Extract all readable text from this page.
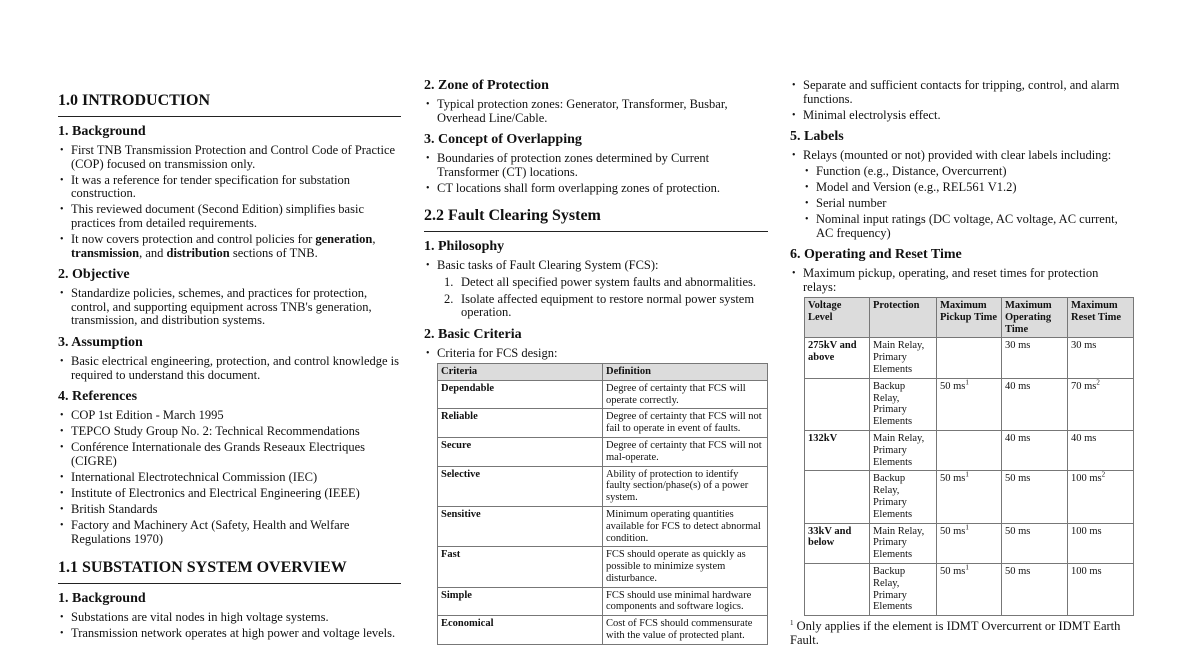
1.0 INTRODUCTION
1. Background
• First TNB Transmission Protection and Control Code of Practice (COP) focused on transmission only.
• It was a reference for tender specification for substation construction.
• This reviewed document (Second Edition) simplifies basic practices from detailed requirements.
• It now covers protection and control policies for generation, transmission, and distribution sections of TNB.
2. Objective
• Standardize policies, schemes, and practices for protection, control, and supporting equipment across TNB's generation, transmission, and distribution systems.
3. Assumption
• Basic electrical engineering, protection, and control knowledge is required to understand this document.
4. References
• COP 1st Edition - March 1995
• TEPCO Study Group No. 2: Technical Recommendations
• Conférence Internationale des Grands Reseaux Electriques (CIGRE)
• International Electrotechnical Commission (IEC)
• Institute of Electronics and Electrical Engineering (IEEE)
• British Standards
• Factory and Machinery Act (Safety, Health and Welfare Regulations 1970)
1.1 SUBSTATION SYSTEM OVERVIEW
1. Background
• Substations are vital nodes in high voltage systems.
• Transmission network operates at high power and voltage levels.
2. Zone of Protection
• Typical protection zones: Generator, Transformer, Busbar, Overhead Line/Cable.
3. Concept of Overlapping
• Boundaries of protection zones determined by Current Transformer (CT) locations.
• CT locations shall form overlapping zones of protection.
2.2 Fault Clearing System
1. Philosophy
• Basic tasks of Fault Clearing System (FCS):
1. Detect all specified power system faults and abnormalities.
2. Isolate affected equipment to restore normal power system operation.
2. Basic Criteria
• Criteria for FCS design:
Criteria	Definition
Dependable	Degree of certainty that FCS will operate correctly.
Reliable	Degree of certainty that FCS will not fail to operate in event of faults.
Secure	Degree of certainty that FCS will not mal-operate.
Selective	Ability of protection to identify faulty section/phase(s) of a power system.
Sensitive	Minimum operating quantities available for FCS to detect abnormal condition.
Fast	FCS should operate as quickly as possible to minimize system disturbance.
Simple	FCS should use minimal hardware components and software logics.
Economical	Cost of FCS should commensurate with the value of protected plant.
• Separate and sufficient contacts for tripping, control, and alarm functions.
• Minimal electrolysis effect.
5. Labels
• Relays (mounted or not) provided with clear labels including:
• Function (e.g., Distance, Overcurrent)
• Model and Version (e.g., REL561 V1.2)
• Serial number
• Nominal input ratings (DC voltage, AC voltage, AC current, AC frequency)
6. Operating and Reset Time
• Maximum pickup, operating, and reset times for protection relays:
Voltage Level	Protection	Maximum Pickup Time	Maximum Operating Time	Maximum Reset Time
275kV and above	Main Relay, Primary Elements		30 ms	30 ms
	Backup Relay, Primary Elements	50 $ms^1$	40 ms	70 $ms^2$
132kV	Main Relay, Primary Elements		40 ms	40 ms
	Backup Relay, Primary Elements	50 $ms^1$	50 ms	100 $ms^2$
33kV and below	Main Relay, Primary Elements	50 $ms^1$	50 ms	100 ms
	Backup Relay, Primary Elements	50 $ms^1$	50 ms	100 ms
$^1$ Only applies if the element is IDMT Overcurrent or IDMT Earth Fault.
